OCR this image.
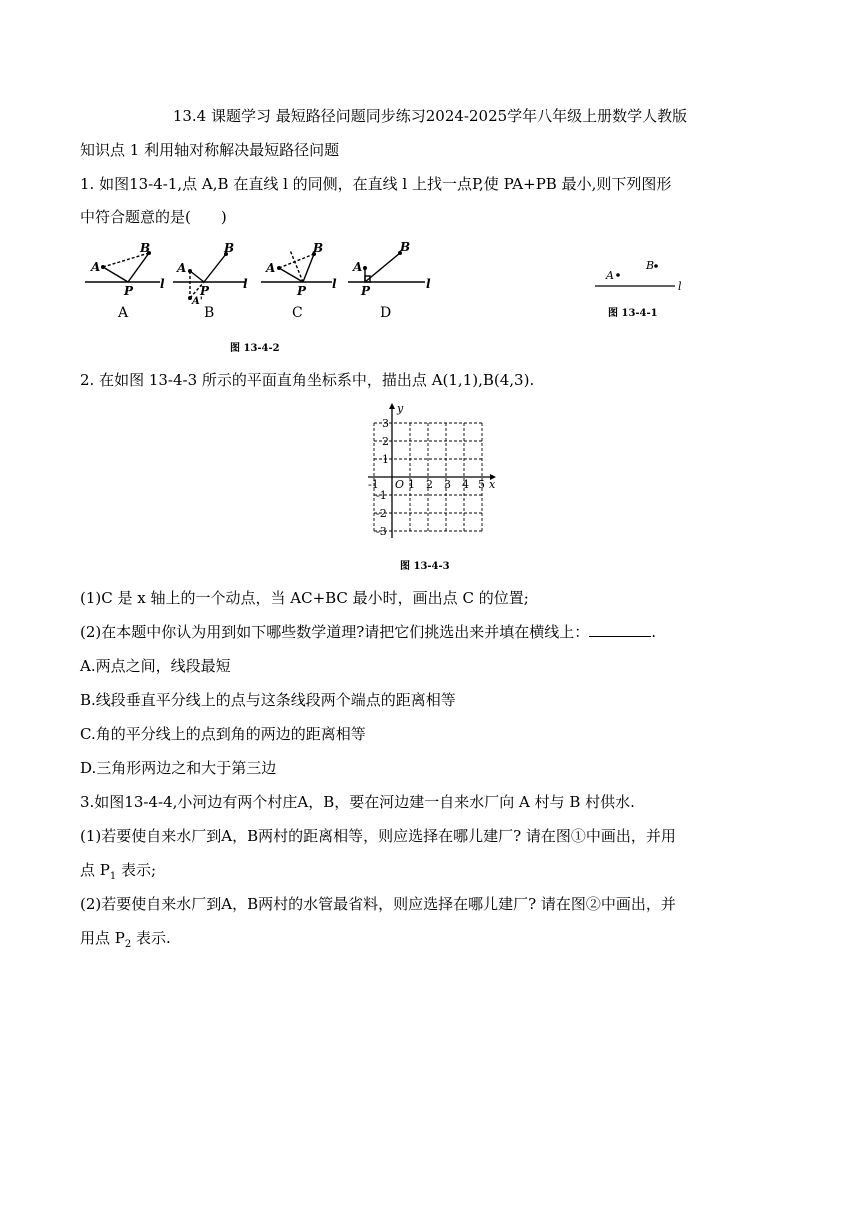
13.4 课题学习 最短路径问题同步练习2024-2025学年八年级上册数学人教版
知识点 1 利用轴对称解决最短路径问题
1. 如图13-4-1,点 A,B 在直线 l 的同侧，在直线 l 上找一点P,使 PA+PB 最小,则下列图形
中符合题意的是(　　)
A
B
P l
A
B
P	l
A'
A
B
P l
A
B
P	l
A	B	C	D
图 13-4-2
A
B
l
图 13-4-1
2. 在如图 13-4-3 所示的平面直角坐标系中，描出点 A(1,1),B(4,3).
y
x
O
-1	1 2 3 4 5
3
2
1
-1
-2
-3
图 13-4-3
(1)C 是 x 轴上的一个动点，当 AC+BC 最小时，画出点 C 的位置;
(2)在本题中你认为用到如下哪些数学道理?请把它们挑选出来并填在横线上：	.
A.两点之间，线段最短
B.线段垂直平分线上的点与这条线段两个端点的距离相等
C.角的平分线上的点到角的两边的距离相等
D.三角形两边之和大于第三边
3.如图13-4-4,小河边有两个村庄A，B，要在河边建一自来水厂向 A 村与 B 村供水.
(1)若要使自来水厂到A，B两村的距离相等，则应选择在哪儿建厂? 请在图①中画出，并用
点 $P_1$ 表示;
(2)若要使自来水厂到A，B两村的水管最省料，则应选择在哪儿建厂? 请在图②中画出，并
用点 $P_2$ 表示.
